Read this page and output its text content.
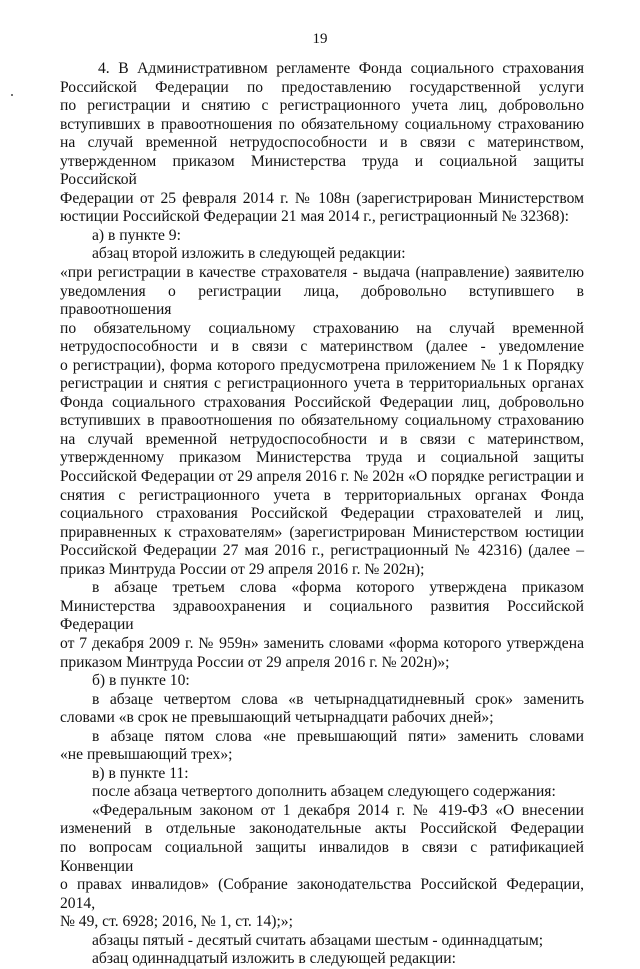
19

4. В Административном регламенте Фонда социального страхования

Российской Федерации по предоставлению государственной услуги

по регистрации и снятию с регистрационного учета лиц, добровольно

вступивших в правоотношения по обязательному социальному страхованию

на случай временной нетрудоспособности и в связи с материнством,

утвержденном приказом Министерства труда и социальной защиты Российской

Федерации от 25 февраля 2014 г. № 108н (зарегистрирован Министерством

юстиции Российской Федерации 21 мая 2014 г., регистрационный № 32368):

а) в пункте 9:

абзац второй изложить в следующей редакции:

«при регистрации в качестве страхователя - выдача (направление) заявителю

уведомления о регистрации лица, добровольно вступившего в правоотношения

по обязательному социальному страхованию на случай временной

нетрудоспособности и в связи с материнством (далее - уведомление

о регистрации), форма которого предусмотрена приложением № 1 к Порядку

регистрации и снятия с регистрационного учета в территориальных органах

Фонда социального страхования Российской Федерации лиц, добровольно

вступивших в правоотношения по обязательному социальному страхованию

на случай временной нетрудоспособности и в связи с материнством,

утвержденному приказом Министерства труда и социальной защиты

Российской Федерации от 29 апреля 2016 г. № 202н «О порядке регистрации и

снятия с регистрационного учета в территориальных органах Фонда

социального страхования Российской Федерации страхователей и лиц,

приравненных к страхователям» (зарегистрирован Министерством юстиции

Российской Федерации 27 мая 2016 г., регистрационный № 42316) (далее –

приказ Минтруда России от 29 апреля 2016 г. № 202н);

в абзаце третьем слова «форма которого утверждена приказом

Министерства здравоохранения и социального развития Российской Федерации

от 7 декабря 2009 г. № 959н» заменить словами «форма которого утверждена

приказом Минтруда России от 29 апреля 2016 г. № 202н)»;

б) в пункте 10:

в абзаце четвертом слова «в четырнадцатидневный срок» заменить

словами «в срок не превышающий четырнадцати рабочих дней»;

в абзаце пятом слова «не превышающий пяти» заменить словами

«не превышающий трех»;

в) в пункте 11:

после абзаца четвертого дополнить абзацем следующего содержания:

«Федеральным законом от 1 декабря 2014 г. № 419-ФЗ «О внесении

изменений в отдельные законодательные акты Российской Федерации

по вопросам социальной защиты инвалидов в связи с ратификацией Конвенции

о правах инвалидов» (Собрание законодательства Российской Федерации, 2014,

№ 49, ст. 6928; 2016, № 1, ст. 14);»;

абзацы пятый - десятый считать абзацами шестым - одиннадцатым;

абзац одиннадцатый изложить в следующей редакции:
